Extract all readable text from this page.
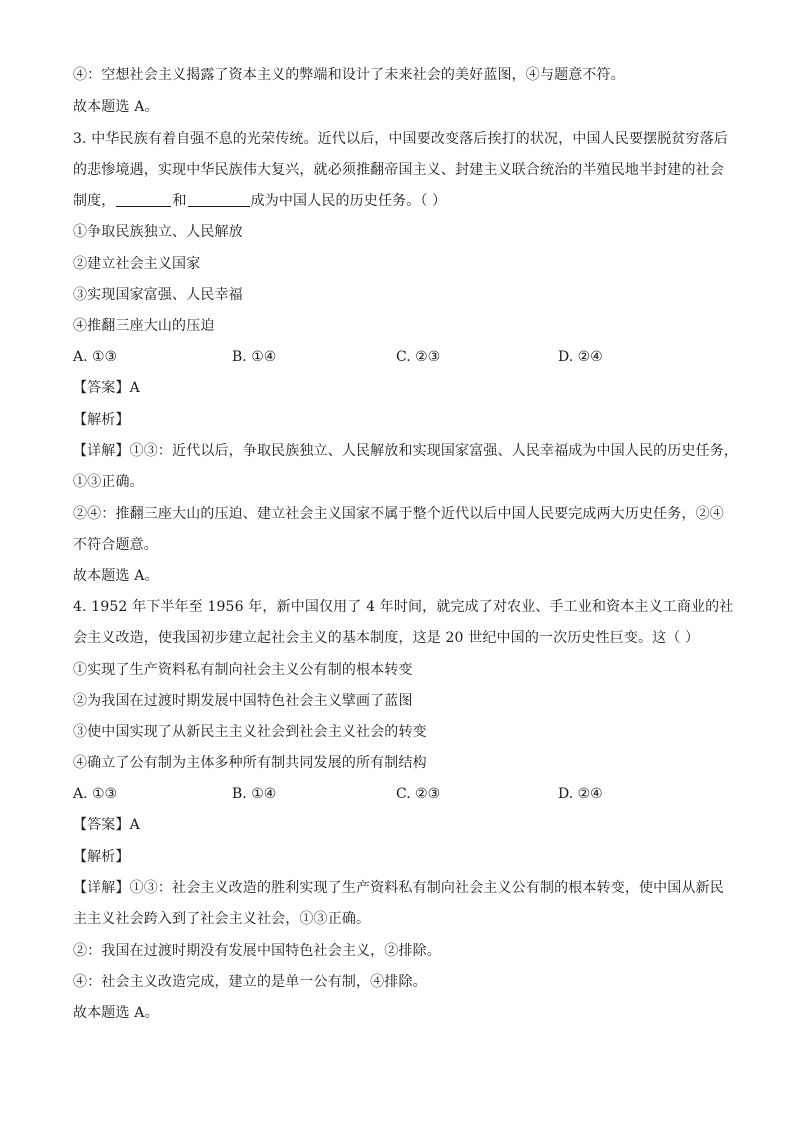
④：空想社会主义揭露了资本主义的弊端和设计了未来社会的美好蓝图，④与题意不符。
故本题选 A。
3. 中华民族有着自强不息的光荣传统。近代以后，中国要改变落后挨打的状况，中国人民要摆脱贫穷落后
的悲惨境遇，实现中华民族伟大复兴，就必须推翻帝国主义、封建主义联合统治的半殖民地半封建的社会
制度，	和	成为中国人民的历史任务。（ ）
①争取民族独立、人民解放
②建立社会主义国家
③实现国家富强、人民幸福
④推翻三座大山的压迫
A. ①③	B. ①④	C. ②③	D. ②④
【答案】A
【解析】
【详解】①③：近代以后，争取民族独立、人民解放和实现国家富强、人民幸福成为中国人民的历史任务，
①③正确。
②④：推翻三座大山的压迫、建立社会主义国家不属于整个近代以后中国人民要完成两大历史任务，②④
不符合题意。
故本题选 A。
4. 1952 年下半年至 1956 年，新中国仅用了 4 年时间，就完成了对农业、手工业和资本主义工商业的社
会主义改造，使我国初步建立起社会主义的基本制度，这是 20 世纪中国的一次历史性巨变。这（ ）
①实现了生产资料私有制向社会主义公有制的根本转变
②为我国在过渡时期发展中国特色社会主义擘画了蓝图
③使中国实现了从新民主主义社会到社会主义社会的转变
④确立了公有制为主体多种所有制共同发展的所有制结构
A. ①③	B. ①④	C. ②③	D. ②④
【答案】A
【解析】
【详解】①③：社会主义改造的胜利实现了生产资料私有制向社会主义公有制的根本转变，使中国从新民
主主义社会跨入到了社会主义社会，①③正确。
②：我国在过渡时期没有发展中国特色社会主义，②排除。
④：社会主义改造完成，建立的是单一公有制，④排除。
故本题选 A。
